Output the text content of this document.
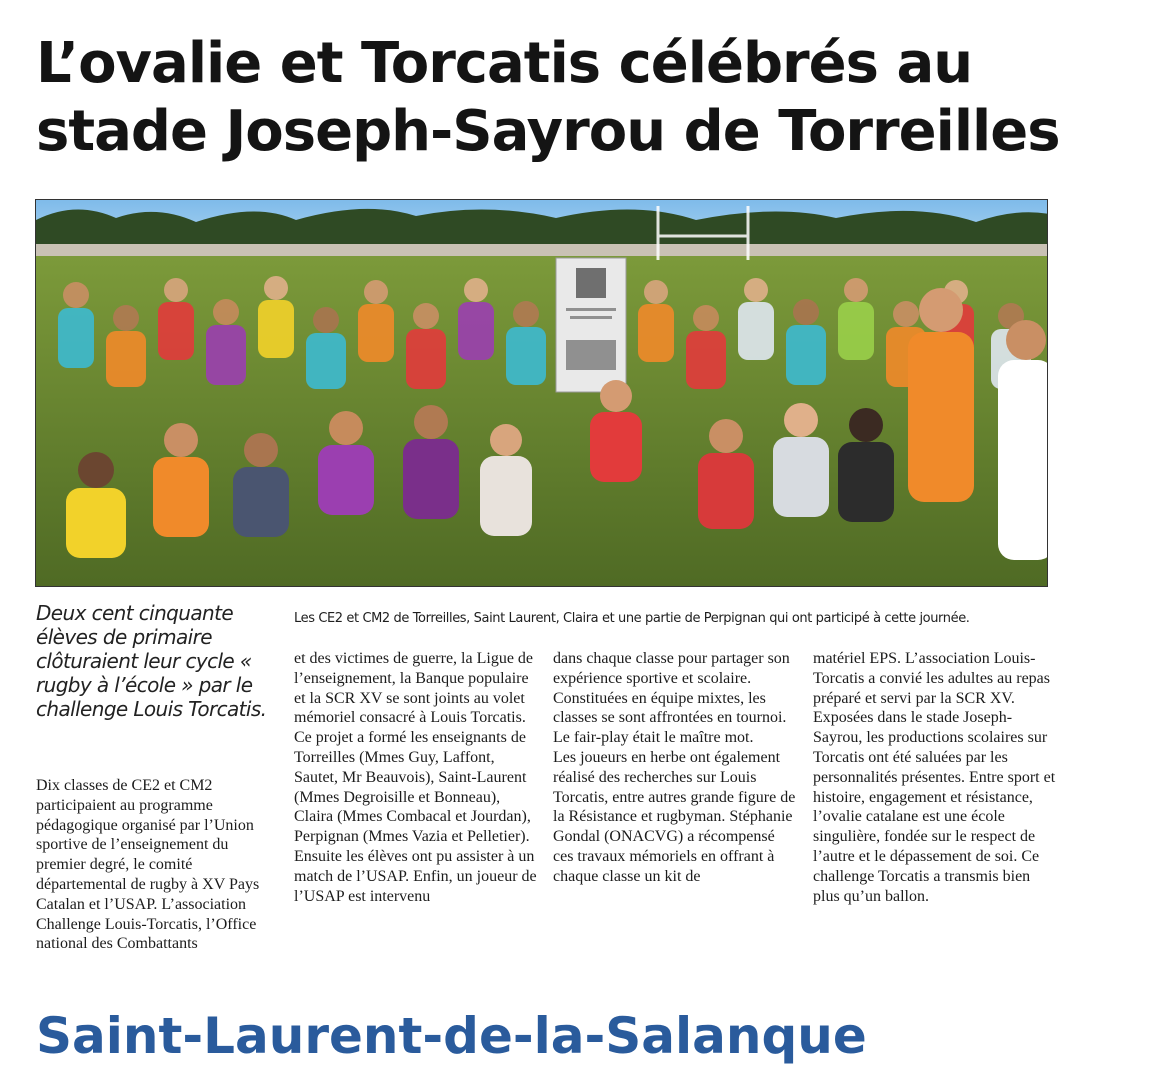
L’ovalie et Torcatis célébrés au
stade Joseph-Sayrou de Torreilles
Les CE2 et CM2 de Torreilles, Saint Laurent, Claira et une partie de Perpignan qui ont participé à cette journée.
Deux cent cinquante élèves de primaire clôturaient leur cycle « rugby à l’école » par le challenge Louis Torcatis.

Dix classes de CE2 et CM2 participaient au programme pédagogique organisé par l’Union sportive de l’enseignement du premier degré, le comité départemental de rugby à XV Pays Catalan et l’USAP. L’association Challenge Louis-Torcatis, l’Office national des Combattants

et des victimes de guerre, la Ligue de l’enseignement, la Banque populaire et la SCR XV se sont joints au volet mémoriel consacré à Louis Torcatis.

Ce projet a formé les enseignants de Torreilles (Mmes Guy, Laffont, Sautet, Mr Beauvois), Saint-Laurent (Mmes Degroisille et Bonneau), Claira (Mmes Combacal et Jourdan), Perpignan (Mmes Vazia et Pelletier). Ensuite les élèves ont pu assister à un match de l’USAP. Enfin, un joueur de l’USAP est intervenu

dans chaque classe pour partager son expérience sportive et scolaire.

Constituées en équipe mixtes, les classes se sont affrontées en tournoi. Le fair-play était le maître mot.

Les joueurs en herbe ont également réalisé des recherches sur Louis Torcatis, entre autres grande figure de la Résistance et rugbyman. Stéphanie Gondal (ONACVG) a récompensé ces travaux mémoriels en offrant à chaque classe un kit de

matériel EPS. L’association Louis-Torcatis a convié les adultes au repas préparé et servi par la SCR XV.

Exposées dans le stade Joseph-Sayrou, les productions scolaires sur Torcatis ont été saluées par les personnalités présentes. Entre sport et histoire, engagement et résistance, l’ovalie catalane est une école singulière, fondée sur le respect de l’autre et le dépassement de soi. Ce challenge Torcatis a transmis bien plus qu’un ballon.

Saint-Laurent-de-la-Salanque
